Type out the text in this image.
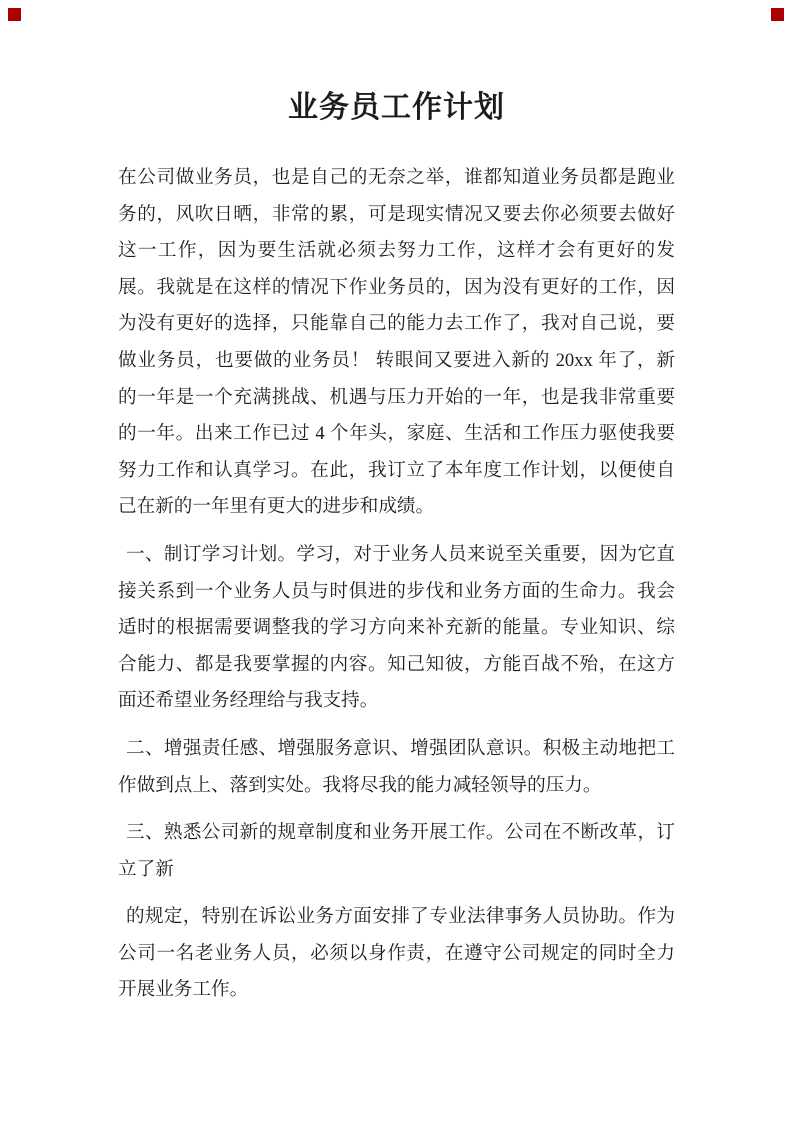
业务员工作计划
在公司做业务员，也是自己的无奈之举，谁都知道业务员都是跑业
务的，风吹日晒，非常的累，可是现实情况又要去你必须要去做好
这一工作，因为要生活就必须去努力工作，这样才会有更好的发
展。我就是在这样的情况下作业务员的，因为没有更好的工作，因
为没有更好的选择，只能靠自己的能力去工作了，我对自己说，要
做业务员，也要做的业务员！ 转眼间又要进入新的 20xx 年了，新
的一年是一个充满挑战、机遇与压力开始的一年，也是我非常重要
的一年。出来工作已过 4 个年头，家庭、生活和工作压力驱使我要
努力工作和认真学习。在此，我订立了本年度工作计划，以便使自
己在新的一年里有更大的进步和成绩。
一、制订学习计划。学习，对于业务人员来说至关重要，因为它直
接关系到一个业务人员与时俱进的步伐和业务方面的生命力。我会
适时的根据需要调整我的学习方向来补充新的能量。专业知识、综
合能力、都是我要掌握的内容。知己知彼，方能百战不殆，在这方
面还希望业务经理给与我支持。
二、增强责任感、增强服务意识、增强团队意识。积极主动地把工
作做到点上、落到实处。我将尽我的能力减轻领导的压力。
三、熟悉公司新的规章制度和业务开展工作。公司在不断改革，订
立了新
的规定，特别在诉讼业务方面安排了专业法律事务人员协助。作为
公司一名老业务人员，必须以身作责，在遵守公司规定的同时全力
开展业务工作。
